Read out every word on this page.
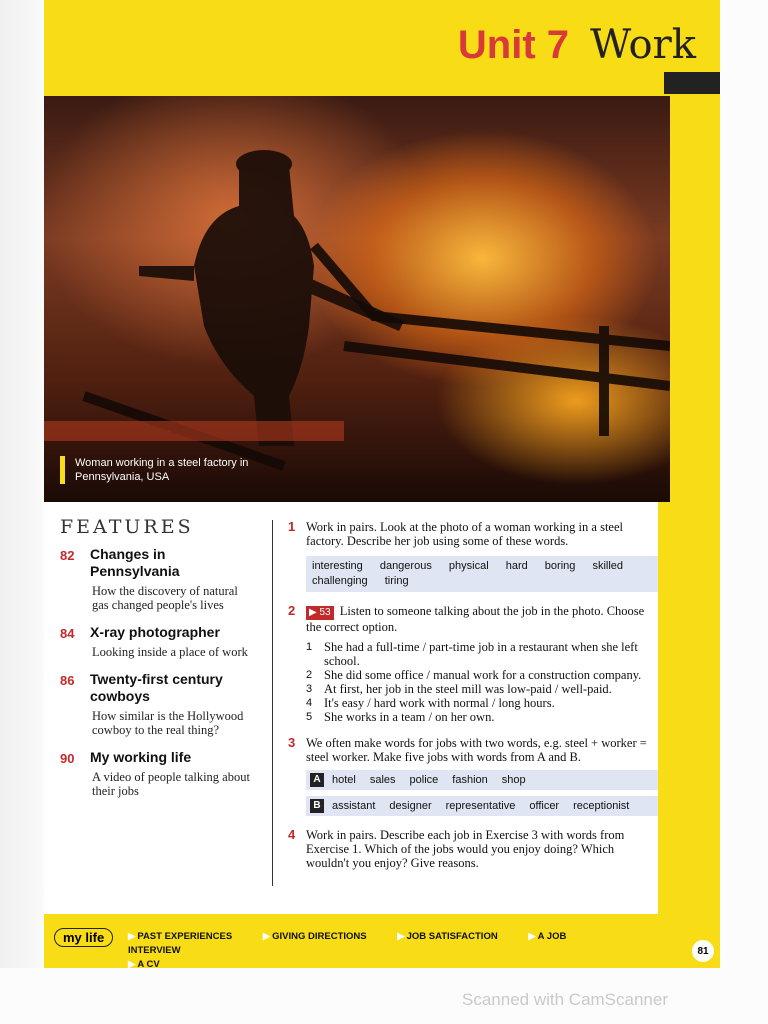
Unit 7 Work
Woman working in a steel factory in Pennsylvania, USA
FEATURES
82	Changes in Pennsylvania
How the discovery of natural gas changed people's lives
84	X-ray photographer
Looking inside a place of work
86	Twenty-first century cowboys
How similar is the Hollywood cowboy to the real thing?
90	My working life
A video of people talking about their jobs
1 Work in pairs. Look at the photo of a woman working in a steel factory. Describe her job using some of these words.
interesting dangerous physical hard boring skilled
challenging tiring
2	▶ 53 Listen to someone talking about the job in the photo. Choose the correct option.
1 She had a full-time / part-time job in a restaurant when she left school.
2 She did some office / manual work for a construction company.
3 At first, her job in the steel mill was low-paid / well-paid.
4 It's easy / hard work with normal / long hours.
5 She works in a team / on her own.
3 We often make words for jobs with two words, e.g. steel + worker = steel worker. Make five jobs with words from A and B.
A	hotel sales police fashion shop
B	assistant designer representative officer receptionist
4 Work in pairs. Describe each job in Exercise 3 with words from Exercise 1. Which of the jobs would you enjoy doing? Which wouldn't you enjoy? Give reasons.
my life	▶ PAST EXPERIENCES	▶ GIVING DIRECTIONS	▶ JOB SATISFACTION	▶ A JOB INTERVIEW
▶ A CV
81
Scanned with CamScanner
